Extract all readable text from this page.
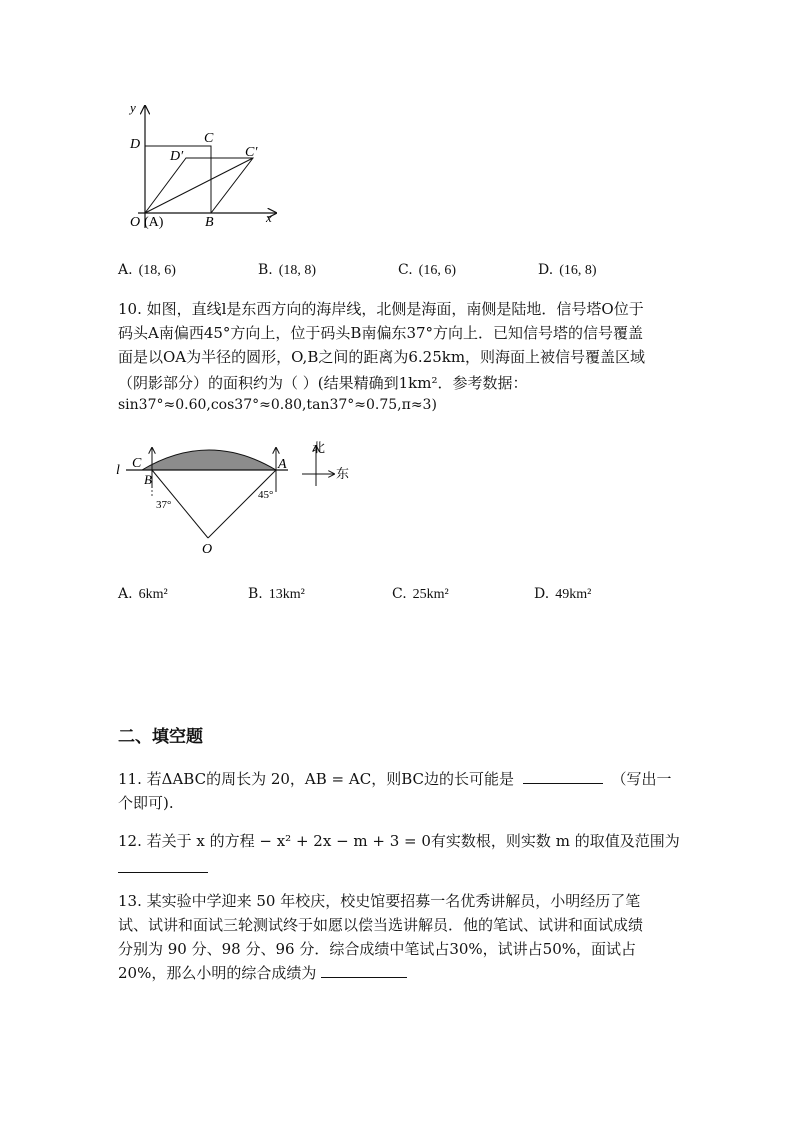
y
x
D	C
D′	C′
O (A)	B
A. (18, 6)	B. (18, 8)	C. (16, 6)	D. (16, 8)
10. 如图，直线l是东西方向的海岸线，北侧是海面，南侧是陆地．信号塔O位于
码头A南偏西45°方向上，位于码头B南偏东37°方向上．已知信号塔的信号覆盖
面是以OA为半径的圆形，O,B之间的距离为6.25km，则海面上被信号覆盖区域
（阴影部分）的面积约为（ ）(结果精确到1km²．参考数据：
sin37°≈0.60,cos37°≈0.80,tan37°≈0.75,π≈3)
l C
B
A
O
37°
45°
北
东
A. 6km²	B. 13km²	C. 25km²	D. 49km²
二、填空题
11. 若ΔABC的周长为 20，AB = AC，则BC边的长可能是	（写出一
个即可).
12. 若关于 x 的方程 − x² + 2x − m + 3 = 0有实数根，则实数 m 的取值及范围为
13. 某实验中学迎来 50 年校庆，校史馆要招募一名优秀讲解员，小明经历了笔
试、试讲和面试三轮测试终于如愿以偿当选讲解员．他的笔试、试讲和面试成绩
分别为 90 分、98 分、96 分．综合成绩中笔试占30%，试讲占50%，面试占
20%，那么小明的综合成绩为
